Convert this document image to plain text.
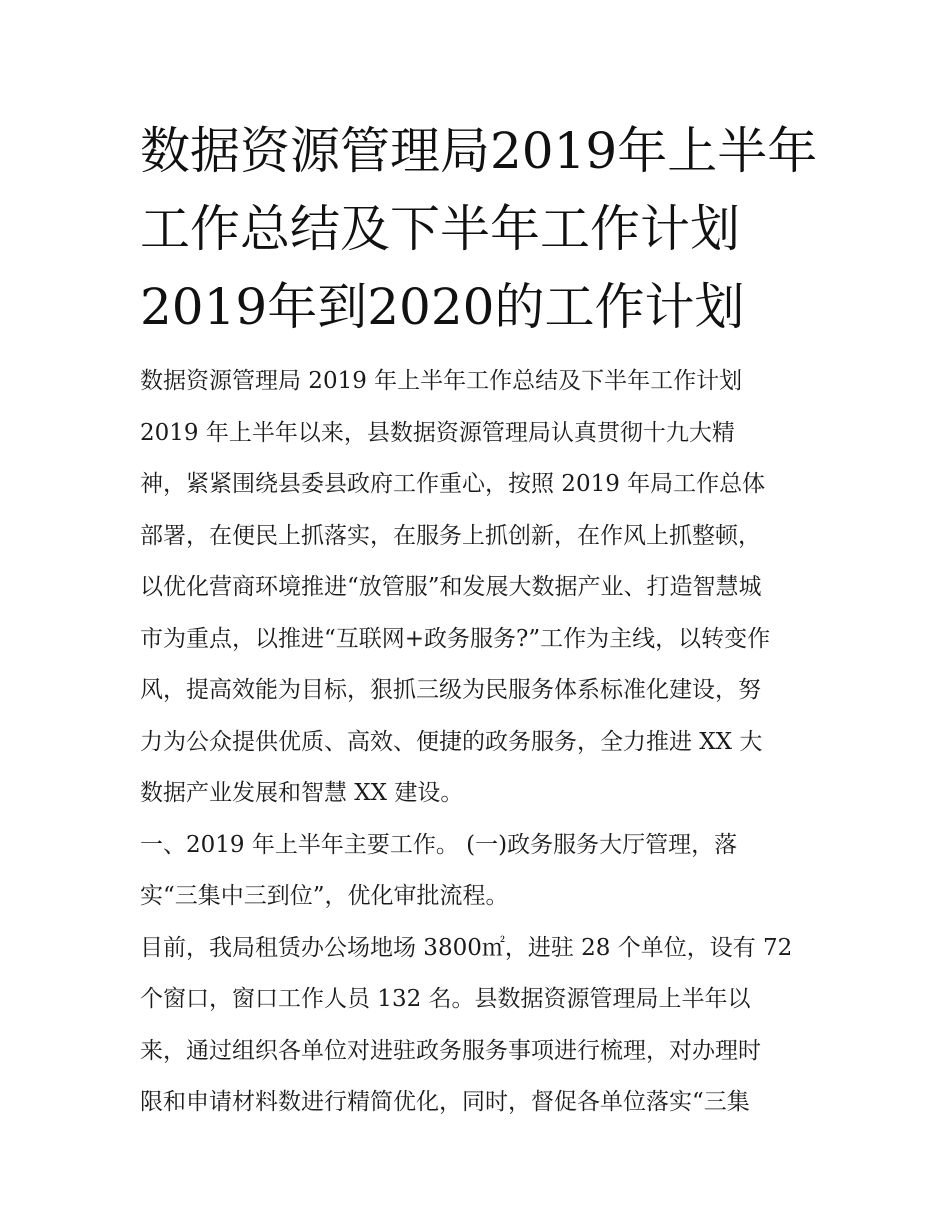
数据资源管理局2019年上半年
工作总结及下半年工作计划
2019年到2020的工作计划
数据资源管理局 2019 年上半年工作总结及下半年工作计划
2019 年上半年以来，县数据资源管理局认真贯彻十九大精
神，紧紧围绕县委县政府工作重心，按照 2019 年局工作总体
部署，在便民上抓落实，在服务上抓创新，在作风上抓整顿，
以优化营商环境推进“放管服”和发展大数据产业、打造智慧城
市为重点，以推进“互联网+政务服务?”工作为主线，以转变作
风，提高效能为目标，狠抓三级为民服务体系标准化建设，努
力为公众提供优质、高效、便捷的政务服务，全力推进 XX 大
数据产业发展和智慧 XX 建设。
一、2019 年上半年主要工作。 (一)政务服务大厅管理，落
实“三集中三到位”，优化审批流程。
目前，我局租赁办公场地场 3800㎡，进驻 28 个单位，设有 72
个窗口，窗口工作人员 132 名。县数据资源管理局上半年以
来，通过组织各单位对进驻政务服务事项进行梳理，对办理时
限和申请材料数进行精简优化，同时，督促各单位落实“三集
